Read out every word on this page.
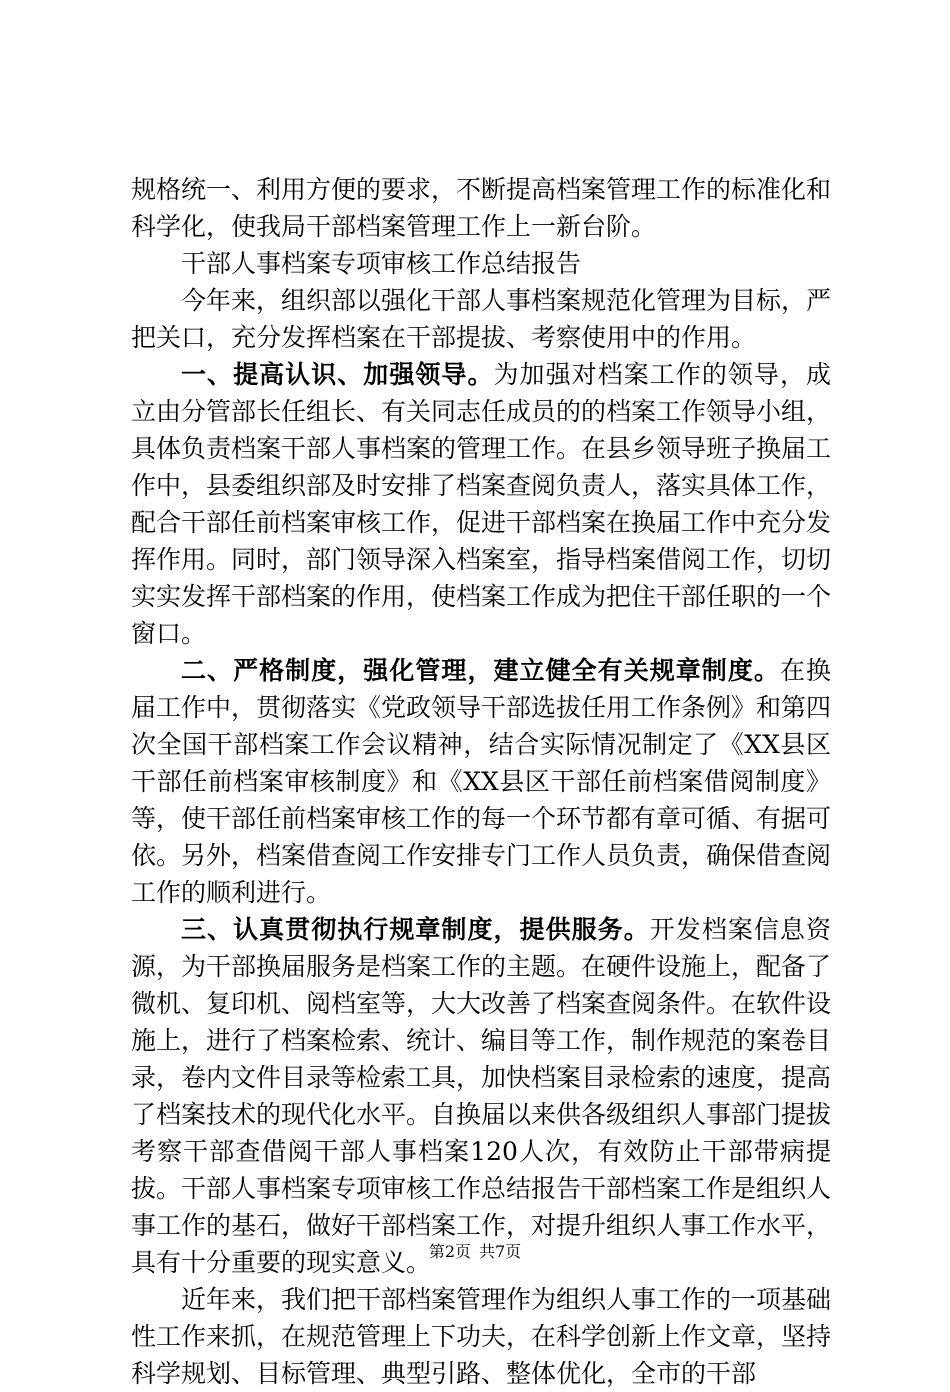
规格统一、利用方便的要求，不断提高档案管理工作的标准化和科学化，使我局干部档案管理工作上一新台阶。

干部人事档案专项审核工作总结报告

今年来，组织部以强化干部人事档案规范化管理为目标，严把关口，充分发挥档案在干部提拔、考察使用中的作用。

一、提高认识、加强领导。为加强对档案工作的领导，成立由分管部长任组长、有关同志任成员的的档案工作领导小组，具体负责档案干部人事档案的管理工作。在县乡领导班子换届工作中，县委组织部及时安排了档案查阅负责人，落实具体工作，配合干部任前档案审核工作，促进干部档案在换届工作中充分发挥作用。同时，部门领导深入档案室，指导档案借阅工作，切切实实发挥干部档案的作用，使档案工作成为把住干部任职的一个窗口。

二、严格制度，强化管理，建立健全有关规章制度。在换届工作中，贯彻落实《党政领导干部选拔任用工作条例》和第四次全国干部档案工作会议精神，结合实际情况制定了《XX县区干部任前档案审核制度》和《XX县区干部任前档案借阅制度》等，使干部任前档案审核工作的每一个环节都有章可循、有据可依。另外，档案借查阅工作安排专门工作人员负责，确保借查阅工作的顺利进行。

三、认真贯彻执行规章制度，提供服务。开发档案信息资源，为干部换届服务是档案工作的主题。在硬件设施上，配备了微机、复印机、阅档室等，大大改善了档案查阅条件。在软件设施上，进行了档案检索、统计、编目等工作，制作规范的案卷目录，卷内文件目录等检索工具，加快档案目录检索的速度，提高了档案技术的现代化水平。自换届以来供各级组织人事部门提拔考察干部查借阅干部人事档案120人次，有效防止干部带病提拔。干部人事档案专项审核工作总结报告干部档案工作是组织人事工作的基石，做好干部档案工作，对提升组织人事工作水平，具有十分重要的现实意义。

近年来，我们把干部档案管理作为组织人事工作的一项基础性工作来抓，在规范管理上下功夫，在科学创新上作文章，坚持科学规划、目标管理、典型引路、整体优化，全市的干部

第2页 共7页
